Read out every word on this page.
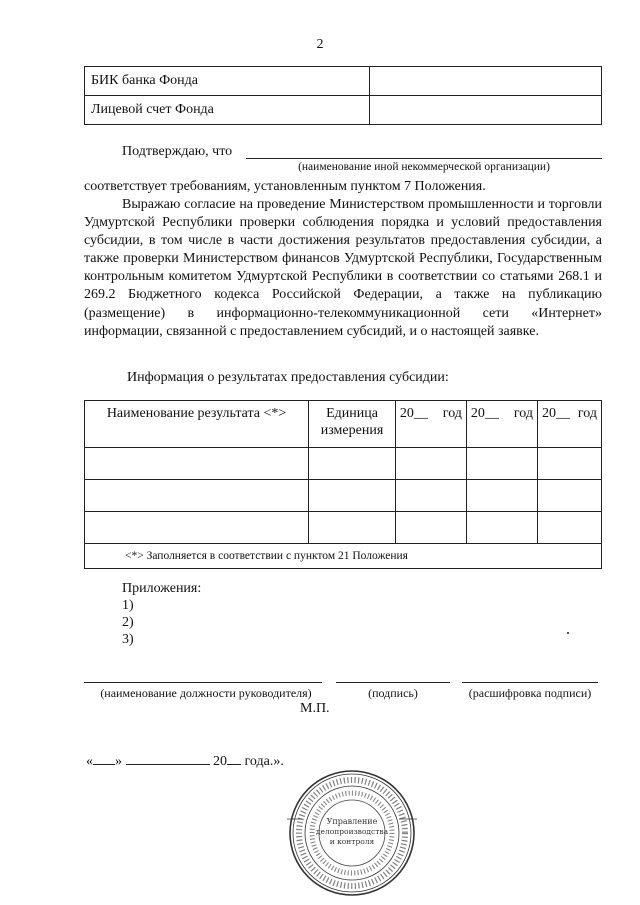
2
БИК банка Фонда	
Лицевой счет Фонда	
Подтверждаю, что
(наименование иной некоммерческой организации)

соответствует требованиям, установленным пунктом 7 Положения.

Выражаю согласие на проведение Министерством промышленности и торговли Удмуртской Республики проверки соблюдения порядка и условий предоставления субсидии, в том числе в части достижения результатов предоставления субсидии, а также проверки Министерством финансов Удмуртской Республики, Государственным контрольным комитетом Удмуртской Республики в соответствии со статьями 268.1 и 269.2 Бюджетного кодекса Российской Федерации, а также на публикацию (размещение) в информационно-телекоммуникационной сети «Интернет» информации, связанной с предоставлением субсидий, и о настоящей заявке.

Информация о результатах предоставления субсидии:
Наименование результата <*>	Единица измерения	20__ год	20__ год	20__ год

<*> Заполняется в соответствии с пунктом 21 Положения				
Приложения:
1)
2)
3)
(наименование должности руководителя)	(подпись)	(расшифровка подписи)
М.П.
« »	20 года.».
Управление
делопроизводства
и контроля
